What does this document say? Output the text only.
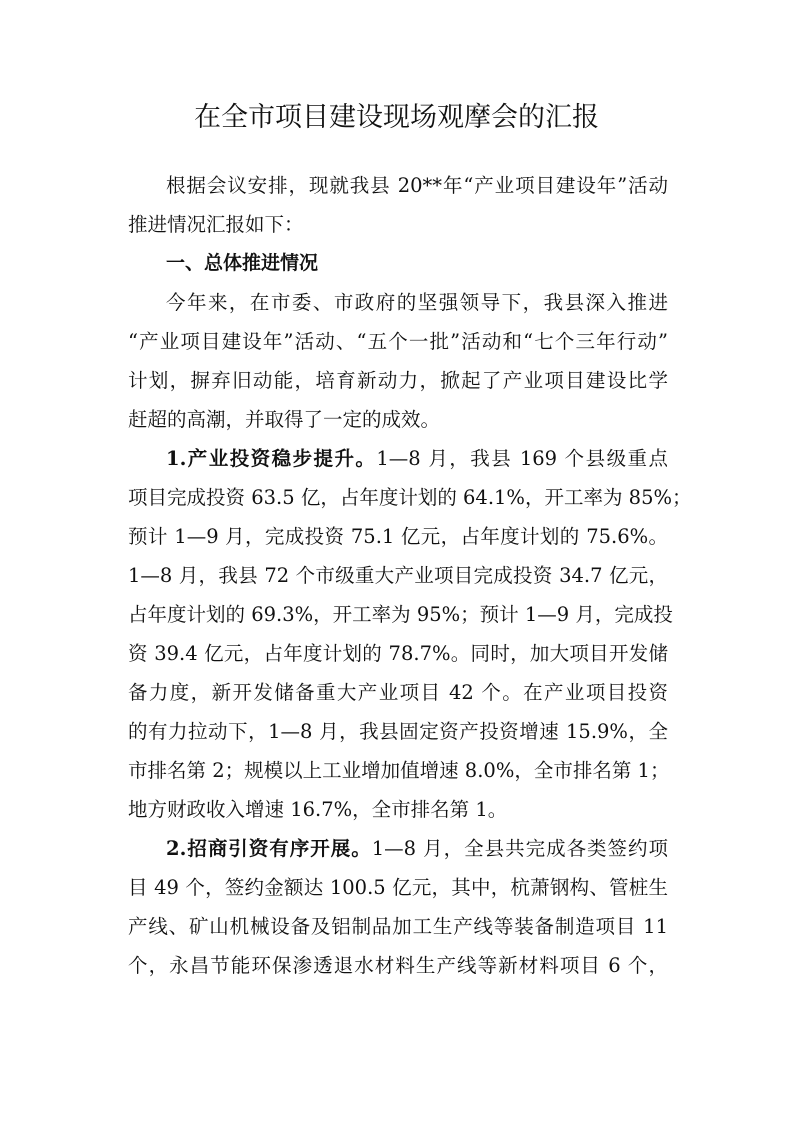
在全市项目建设现场观摩会的汇报
根据会议安排，现就我县 20**年“产业项目建设年”活动
推进情况汇报如下：
一、总体推进情况
今年来，在市委、市政府的坚强领导下，我县深入推进
“产业项目建设年”活动、“五个一批”活动和“七个三年行动”
计划，摒弃旧动能，培育新动力，掀起了产业项目建设比学
赶超的高潮，并取得了一定的成效。
1.产业投资稳步提升。1—8 月，我县 169 个县级重点
项目完成投资 63.5 亿，占年度计划的 64.1%，开工率为 85%；
预计 1—9 月，完成投资 75.1 亿元，占年度计划的 75.6%。
1—8 月，我县 72 个市级重大产业项目完成投资 34.7 亿元，
占年度计划的 69.3%，开工率为 95%；预计 1—9 月，完成投
资 39.4 亿元，占年度计划的 78.7%。同时，加大项目开发储
备力度，新开发储备重大产业项目 42 个。在产业项目投资
的有力拉动下，1—8 月，我县固定资产投资增速 15.9%，全
市排名第 2；规模以上工业增加值增速 8.0%，全市排名第 1；
地方财政收入增速 16.7%，全市排名第 1。
2.招商引资有序开展。1—8 月，全县共完成各类签约项
目 49 个，签约金额达 100.5 亿元，其中，杭萧钢构、管桩生
产线、矿山机械设备及铝制品加工生产线等装备制造项目 11
个，永昌节能环保渗透退水材料生产线等新材料项目 6 个，
